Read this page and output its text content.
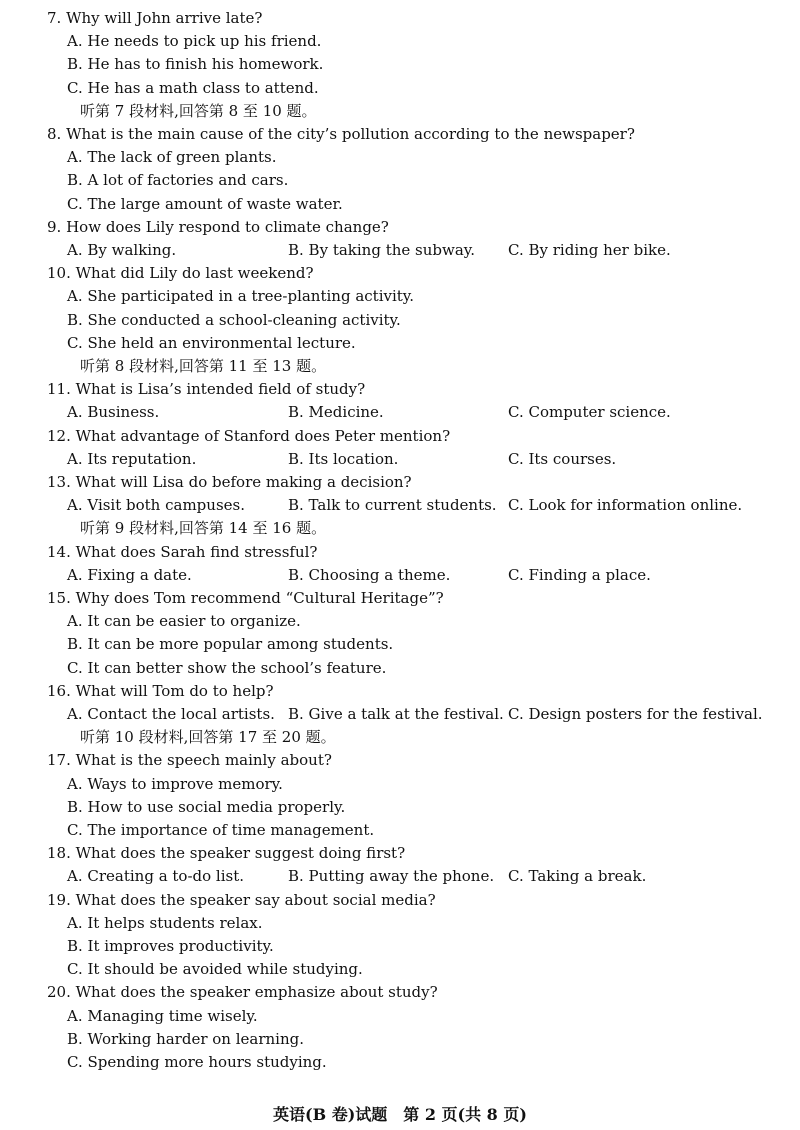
7. Why will John arrive late?
A. He needs to pick up his friend.
B. He has to finish his homework.
C. He has a math class to attend.
听第 7 段材料,回答第 8 至 10 题。
8. What is the main cause of the city’s pollution according to the newspaper?
A. The lack of green plants.
B. A lot of factories and cars.
C. The large amount of waste water.
9. How does Lily respond to climate change?
A. By walking.	B. By taking the subway. C. By riding her bike.
10. What did Lily do last weekend?
A. She participated in a tree-planting activity.
B. She conducted a school-cleaning activity.
C. She held an environmental lecture.
听第 8 段材料,回答第 11 至 13 题。
11. What is Lisa’s intended field of study?
A. Business.	B. Medicine.	C. Computer science.
12. What advantage of Stanford does Peter mention?
A. Its reputation.	B. Its location.	C. Its courses.
13. What will Lisa do before making a decision?
A. Visit both campuses.	B. Talk to current students. C. Look for information online.
听第 9 段材料,回答第 14 至 16 题。
14. What does Sarah find stressful?
A. Fixing a date.	B. Choosing a theme.	C. Finding a place.
15. Why does Tom recommend “Cultural Heritage”?
A. It can be easier to organize.
B. It can be more popular among students.
C. It can better show the school’s feature.
16. What will Tom do to help?
A. Contact the local artists. B. Give a talk at the festival. C. Design posters for the festival.
听第 10 段材料,回答第 17 至 20 题。
17. What is the speech mainly about?
A. Ways to improve memory.
B. How to use social media properly.
C. The importance of time management.
18. What does the speaker suggest doing first?
A. Creating a to-do list.	B. Putting away the phone. C. Taking a break.
19. What does the speaker say about social media?
A. It helps students relax.
B. It improves productivity.
C. It should be avoided while studying.
20. What does the speaker emphasize about study?
A. Managing time wisely.
B. Working harder on learning.
C. Spending more hours studying.
英语(B 卷)试题　第 2 页(共 8 页)
